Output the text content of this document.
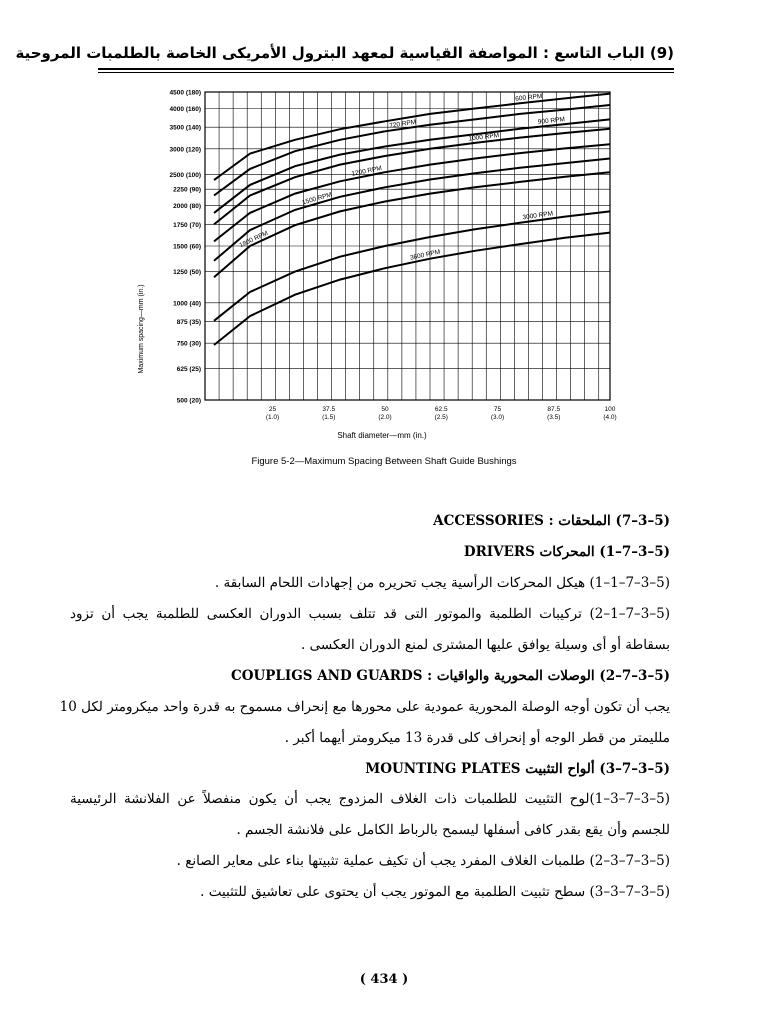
(9) الباب التاسع : المواصفة القياسية لمعهد البترول الأمريكى الخاصة بالطلمبات المروحية
500 (20)
625 (25)
750 (30)
875 (35)
1000 (40)
1250 (50)
1500 (60)
1750 (70)
2000 (80)
2250 (90)
2500 (100)
3000 (120)
3500 (140)
4000 (160)
4500 (180)
25
(1.0)
37.5
(1.5)
50
(2.0)
62.5
(2.5)
75
(3.0)
87.5
(3.5)
100
(4.0)
600 RPM
720 RPM	900 RPM
1000 RPM
1200 RPM
1500 RPM
1800 RPM
3000 RPM
3600 RPM
Shaft diameter—mm (in.)
Maximum spacing—mm (in.)
Figure 5-2—Maximum Spacing Between Shaft Guide Bushings
(5–3–7) الملحقات : ACCESSORIES
(5–3–7–1) المحركات DRIVERS
(5–3–7–1–1) هيكل المحركات الرأسية يجب تحريره من إجهادات اللحام السابقة .
(5–3–7–1–2) تركيبات الطلمبة والموتور التى قد تتلف بسبب الدوران العكسى للطلمبة يجب أن تزود
بسقاطة أو أى وسيلة يوافق عليها المشترى لمنع الدوران العكسى .
(5–3–7–2) الوصلات المحورية والواقيات : COUPLIGS AND GUARDS
يجب أن تكون أوجه الوصلة المحورية عمودية على محورها مع إنحراف مسموح به قدرة واحد ميكرومتر لكل 10
ملليمتر من قطر الوجه أو إنحراف كلى قدرة 13 ميكرومتر أيهما أكبر .
(5–3–7–3) ألواح التثبيت MOUNTING PLATES
(5–3–7–3–1)لوح التثبيت للطلمبات ذات الغلاف المزدوج يجب أن يكون منفصلاً عن الفلانشة الرئيسية
للجسم وأن يقع بقدر كافى أسفلها ليسمح بالرباط الكامل على فلانشة الجسم .
(5–3–7–3–2) طلمبات الغلاف المفرد يجب أن تكيف عملية تثبيتها بناء على معاير الصانع .
(5–3–7–3–3) سطح تثبيت الطلمبة مع الموتور يجب أن يحتوى على تعاشيق للتثبيت .
( 434 )
